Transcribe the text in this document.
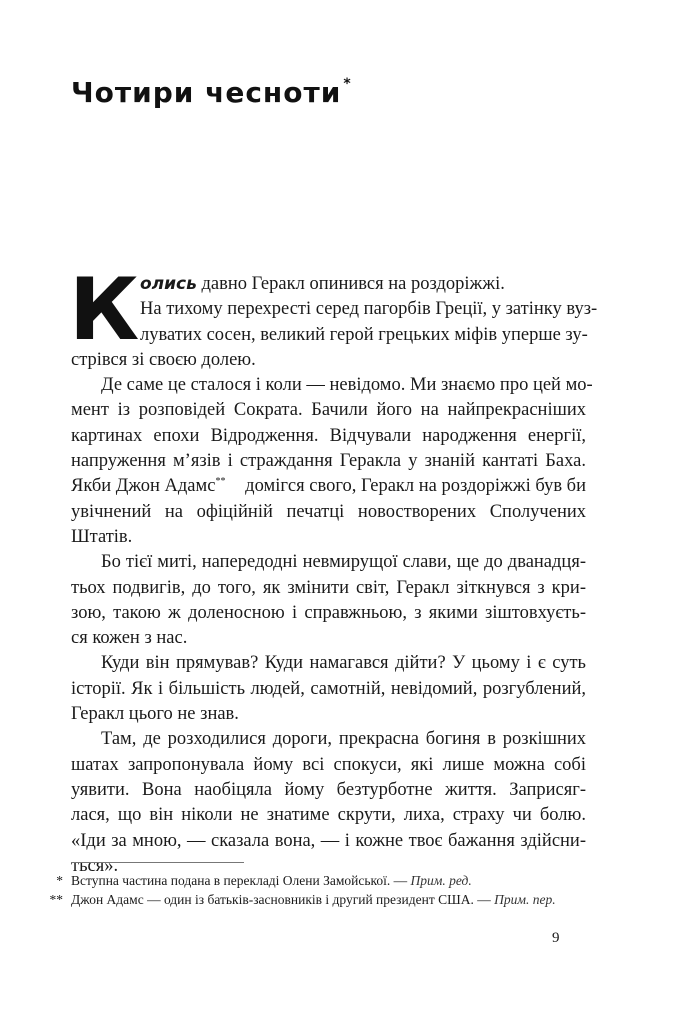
Чотири чесноти *
К олись давно Геракл опинився на роздоріжжі.
На тихому перехресті серед пагорбів Греції, у затінку вуз-
луватих сосен, великий герой грецьких міфів уперше зу-
стрівся зі своєю долею.
Де саме це сталося і коли — невідомо. Ми знаємо про цей мо-
мент із розповідей Сократа. Бачили його на найпрекрасніших
картинах епохи Відродження. Відчували народження енергії,
напруження м’язів і страждання Геракла у знаній кантаті Баха.
Якби Джон Адамс** домігся свого, Геракл на роздоріжжі був би
увічнений на офіційній печатці новостворених Сполучених
Штатів.
Бо тієї миті, напередодні невмирущої слави, ще до дванадця-
тьох подвигів, до того, як змінити світ, Геракл зіткнувся з кри-
зою, такою ж доленосною і справжньою, з якими зіштовхуєть-
ся кожен з нас.
Куди він прямував? Куди намагався дійти? У цьому і є суть
історії. Як і більшість людей, самотній, невідомий, розгублений,
Геракл цього не знав.
Там, де розходилися дороги, прекрасна богиня в розкішних
шатах запропонувала йому всі спокуси, які лише можна собі
уявити. Вона наобіцяла йому безтурботне життя. Заприсяг-
лася, що він ніколи не знатиме скрути, лиха, страху чи болю.
«Іди за мною, — сказала вона, — і кожне твоє бажання здійсни-
ться».
* Вступна частина подана в перекладі Олени Замойської. — Прим. ред.
** Джон Адамс — один із батьків-засновників і другий президент США. — Прим. пер.
9
